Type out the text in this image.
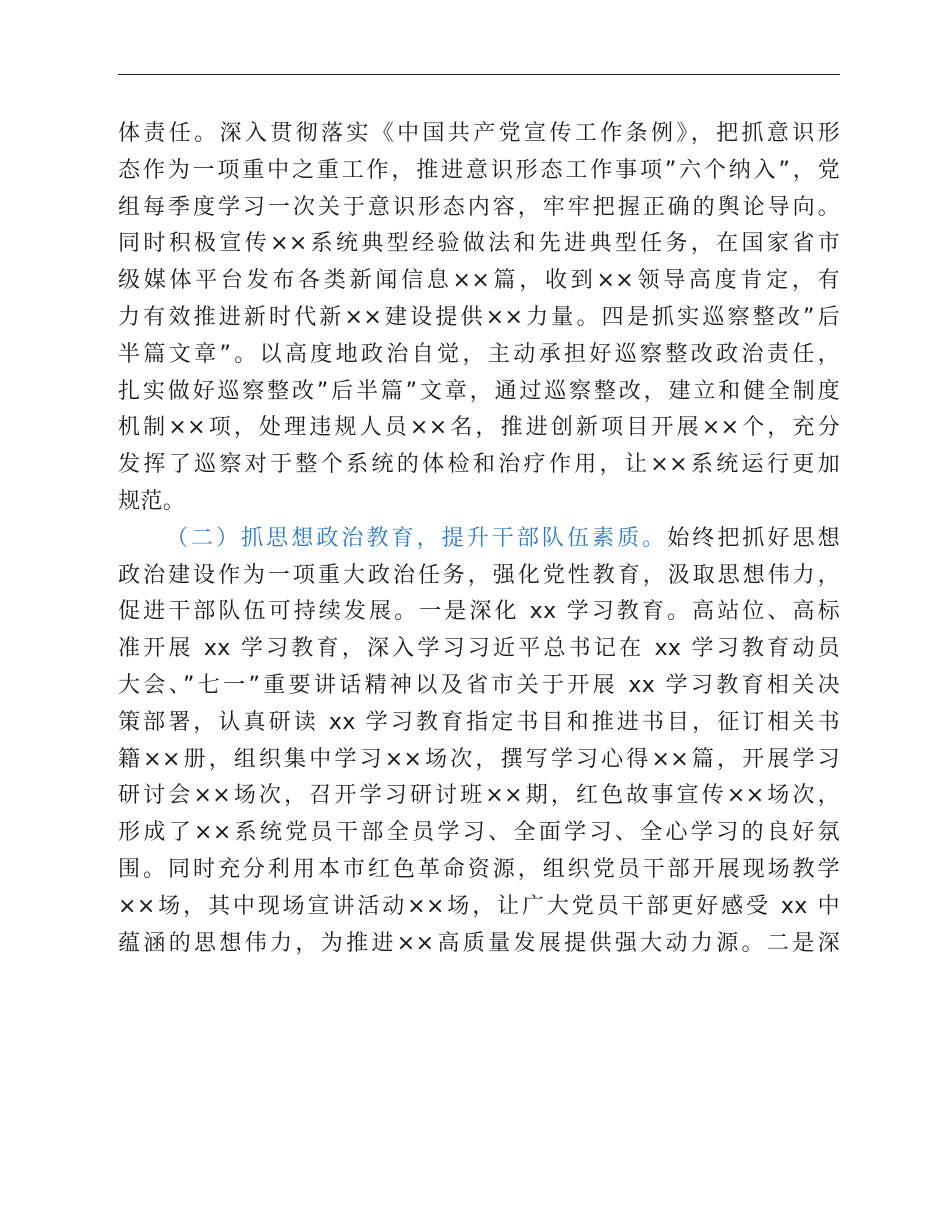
体责任。深入贯彻落实《中国共产党宣传工作条例》，把抓意识形
态作为一项重中之重工作，推进意识形态工作事项”六个纳入”，党
组每季度学习一次关于意识形态内容，牢牢把握正确的舆论导向。
同时积极宣传××系统典型经验做法和先进典型任务，在国家省市
级媒体平台发布各类新闻信息××篇，收到××领导高度肯定，有
力有效推进新时代新××建设提供××力量。四是抓实巡察整改”后
半篇文章”。以高度地政治自觉，主动承担好巡察整改政治责任，
扎实做好巡察整改”后半篇”文章，通过巡察整改，建立和健全制度
机制××项，处理违规人员××名，推进创新项目开展××个，充分
发挥了巡察对于整个系统的体检和治疗作用，让××系统运行更加
规范。
（二）抓思想政治教育，提升干部队伍素质。始终把抓好思想
政治建设作为一项重大政治任务，强化党性教育，汲取思想伟力，
促进干部队伍可持续发展。一是深化 xx 学习教育。高站位、高标
准开展 xx 学习教育，深入学习习近平总书记在 xx 学习教育动员
大会、”七一”重要讲话精神以及省市关于开展 xx 学习教育相关决
策部署，认真研读 xx 学习教育指定书目和推进书目，征订相关书
籍××册，组织集中学习××场次，撰写学习心得××篇，开展学习
研讨会××场次，召开学习研讨班××期，红色故事宣传××场次，
形成了××系统党员干部全员学习、全面学习、全心学习的良好氛
围。同时充分利用本市红色革命资源，组织党员干部开展现场教学
××场，其中现场宣讲活动××场，让广大党员干部更好感受 xx 中
蕴涵的思想伟力，为推进××高质量发展提供强大动力源。二是深
